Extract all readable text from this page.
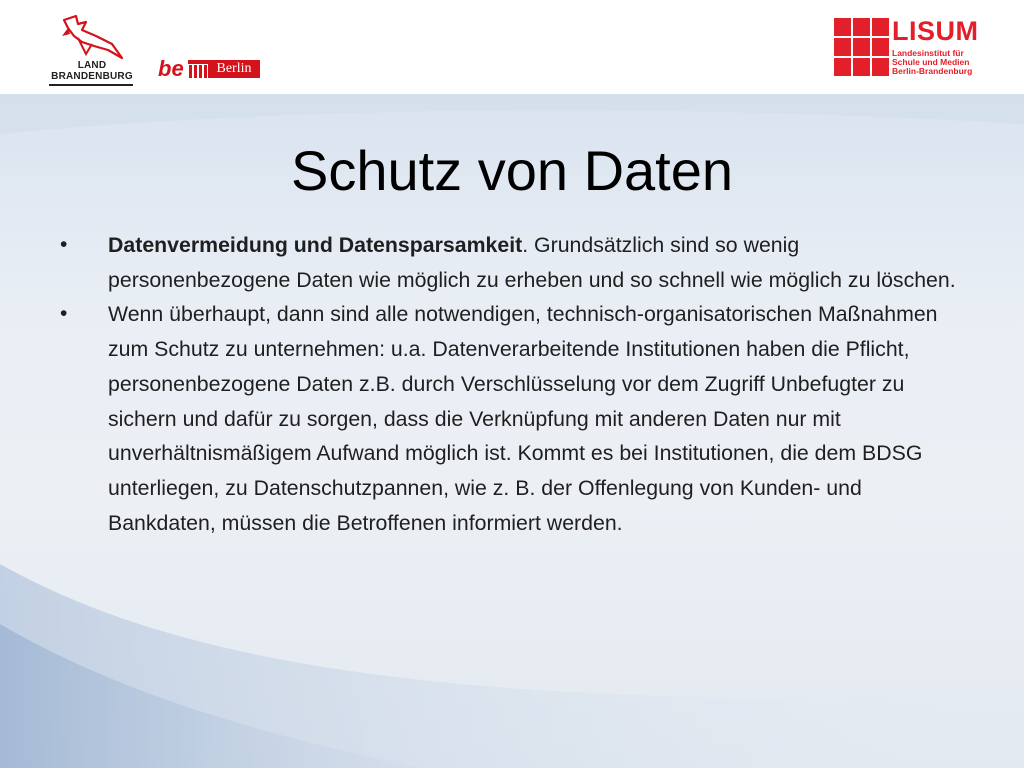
LAND
BRANDENBURG be	Berlin
LISUM
Landesinstitut für
Schule und Medien
Berlin-Brandenburg
Schutz von Daten
• Datenvermeidung und Datensparsamkeit. Grundsätzlich sind so wenig personenbezogene Daten wie möglich zu erheben und so schnell wie möglich zu löschen.
• Wenn überhaupt, dann sind alle notwendigen, technisch-organisatorischen Maßnahmen zum Schutz zu unternehmen: u.a. Datenverarbeitende Institutionen haben die Pflicht, personenbezogene Daten z.B. durch Verschlüsselung vor dem Zugriff Unbefugter zu sichern und dafür zu sorgen, dass die Verknüpfung mit anderen Daten nur mit unverhältnismäßigem Aufwand möglich ist. Kommt es bei Institutionen, die dem BDSG unterliegen, zu Datenschutzpannen, wie z. B. der Offenlegung von Kunden- und Bankdaten, müssen die Betroffenen informiert werden.
